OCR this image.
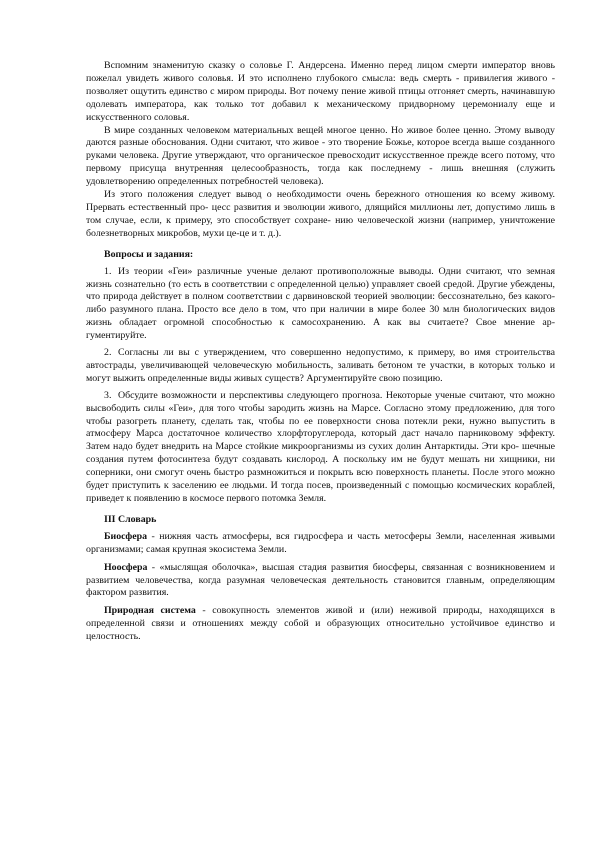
Вспомним знаменитую сказку о соловье Г. Андерсена. Именно перед лицом смерти император вновь пожелал увидеть живого соловья. И это исполнено глубокого смысла: ведь смерть - привилегия живого - позволяет ощутить единство с миром природы. Вот почему пение живой птицы отгоняет смерть, начинавшую одолевать императора, как только тот добавил к механическому придворному церемониалу еще и искусственного соловья.

В мире созданных человеком материальных вещей многое ценно. Но живое более ценно. Этому выводу даются разные обоснования. Одни считают, что живое - это творение Божье, которое всегда выше созданного руками человека. Другие утверждают, что органическое превосходит искусственное прежде всего потому, что первому присуща внутренняя целесообразность, тогда как последнему - лишь внешняя (служить удовлетворению определенных потребностей человека).

Из этого положения следует вывод о необходимости очень бережного отношения ко всему живому. Прервать естественный про- цесс развития и эволюции живого, длящийся миллионы лет, допустимо лишь в том случае, если, к примеру, это способствует сохране- нию человеческой жизни (например, уничтожение болезнетворных микробов, мухи це-це и т. д.).

Вопросы и задания:
1. Из теории «Геи» различные ученые делают противоположные выводы. Одни считают, что земная жизнь сознательно (то есть в соответствии с определенной целью) управляет своей средой. Другие убеждены, что природа действует в полном соответствии с дарвиновской теорией эволюции: бессознательно, без какого-либо разумного плана. Просто все дело в том, что при наличии в мире более 30 млн биологических видов жизнь обладает огромной способностью к самосохранению. А как вы считаете? Свое мнение ар- гументируйте.
2. Согласны ли вы с утверждением, что совершенно недопустимо, к примеру, во имя строительства автострады, увеличивающей человеческую мобильность, заливать бетоном те участки, в которых только и могут выжить определенные виды живых существ? Аргументируйте свою позицию.
3. Обсудите возможности и перспективы следующего прогноза. Некоторые ученые считают, что можно высвободить силы «Геи», для того чтобы зародить жизнь на Марсе. Согласно этому предложению, для того чтобы разогреть планету, сделать так, чтобы по ее поверхности снова потекли реки, нужно выпустить в атмосферу Марса достаточное количество хлорфторуглерода, который даст начало парниковому эффекту. Затем надо будет внедрить на Марсе стойкие микроорганизмы из сухих долин Антарктиды. Эти кро- шечные создания путем фотосинтеза будут создавать кислород. А поскольку им не будут мешать ни хищники, ни соперники, они смогут очень быстро размножиться и покрыть всю поверхность планеты. После этого можно будет приступить к заселению ее людьми. И тогда посев, произведенный с помощью космических кораблей, приведет к появлению в космосе первого потомка Земля.
III Словарь

Биосфера - нижняя часть атмосферы, вся гидросфера и часть метосферы Земли, населенная живыми организмами; самая крупная экосистема Земли.

Ноосфера - «мыслящая оболочка», высшая стадия развития биосферы, связанная с возникновением и развитием человечества, когда разумная человеческая деятельность становится главным, определяющим фактором развития.

Природная система - совокупность элементов живой и (или) неживой природы, находящихся в определенной связи и отношениях между собой и образующих относительно устойчивое единство и целостность.
